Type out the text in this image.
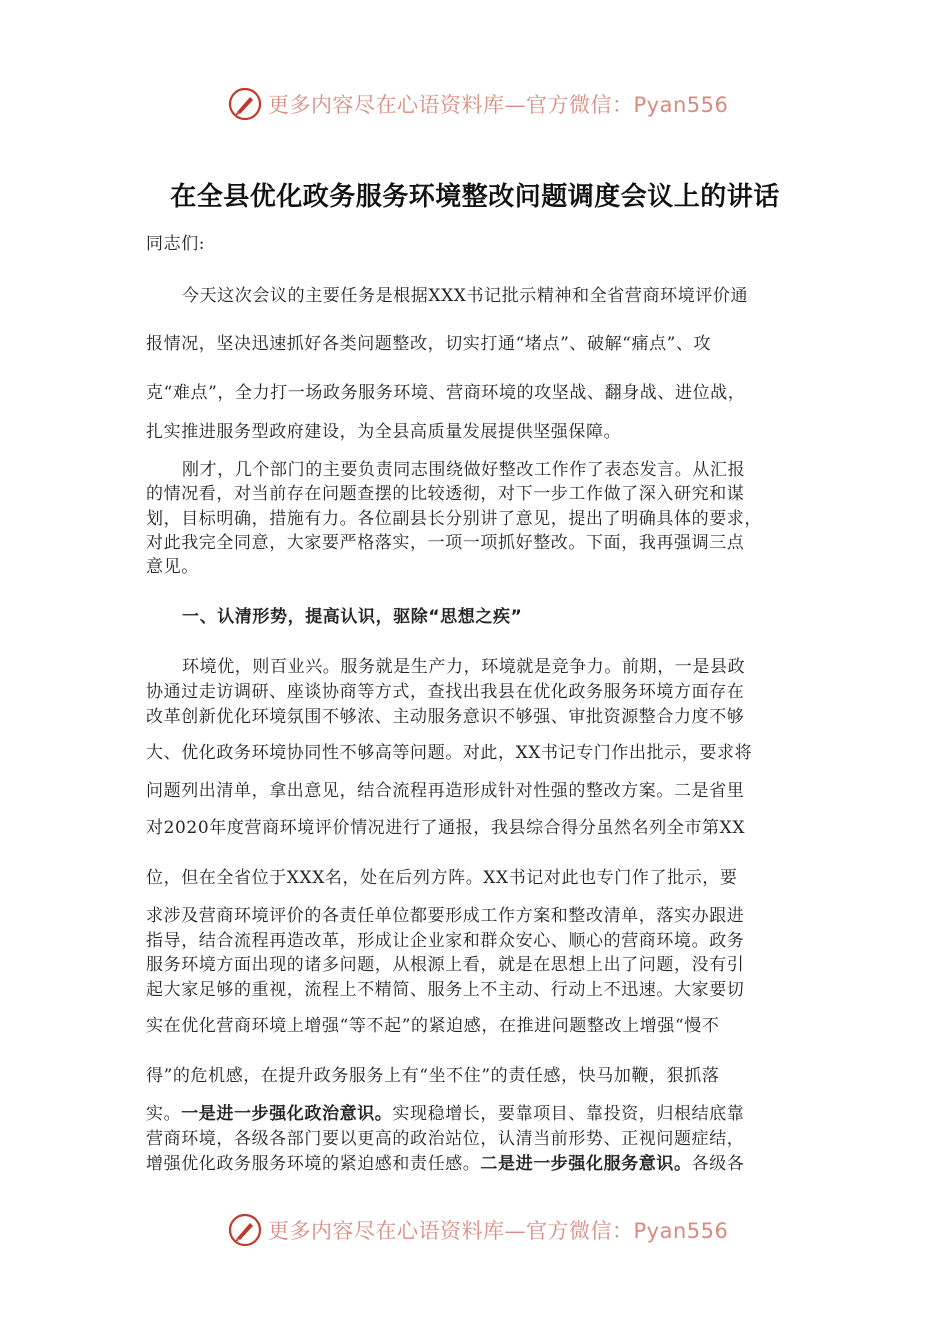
更多内容尽在心语资料库—官方微信：Pyan556
在全县优化政务服务环境整改问题调度会议上的讲话
同志们:
今天这次会议的主要任务是根据XXX书记批示精神和全省营商环境评价通
报情况，坚决迅速抓好各类问题整改，切实打通“堵点”、破解“痛点”、攻
克“难点”，全力打一场政务服务环境、营商环境的攻坚战、翻身战、进位战，
扎实推进服务型政府建设，为全县高质量发展提供坚强保障。
刚才，几个部门的主要负责同志围绕做好整改工作作了表态发言。从汇报
的情况看，对当前存在问题查摆的比较透彻，对下一步工作做了深入研究和谋
划，目标明确，措施有力。各位副县长分别讲了意见，提出了明确具体的要求，
对此我完全同意，大家要严格落实，一项一项抓好整改。下面，我再强调三点
意见。
一、认清形势，提高认识，驱除“思想之疾”
环境优，则百业兴。服务就是生产力，环境就是竞争力。前期，一是县政
协通过走访调研、座谈协商等方式，查找出我县在优化政务服务环境方面存在
改革创新优化环境氛围不够浓、主动服务意识不够强、审批资源整合力度不够
大、优化政务环境协同性不够高等问题。对此，XX书记专门作出批示，要求将
问题列出清单，拿出意见，结合流程再造形成针对性强的整改方案。二是省里
对2020年度营商环境评价情况进行了通报，我县综合得分虽然名列全市第XX
位，但在全省位于XXX名，处在后列方阵。XX书记对此也专门作了批示，要
求涉及营商环境评价的各责任单位都要形成工作方案和整改清单，落实办跟进
指导，结合流程再造改革，形成让企业家和群众安心、顺心的营商环境。政务
服务环境方面出现的诸多问题，从根源上看，就是在思想上出了问题，没有引
起大家足够的重视，流程上不精简、服务上不主动、行动上不迅速。大家要切
实在优化营商环境上增强“等不起”的紧迫感，在推进问题整改上增强“慢不
得”的危机感，在提升政务服务上有“坐不住”的责任感，快马加鞭，狠抓落
实。一是进一步强化政治意识。实现稳增长，要靠项目、靠投资，归根结底靠
营商环境，各级各部门要以更高的政治站位，认清当前形势、正视问题症结，
增强优化政务服务环境的紧迫感和责任感。二是进一步强化服务意识。各级各
更多内容尽在心语资料库—官方微信：Pyan556
